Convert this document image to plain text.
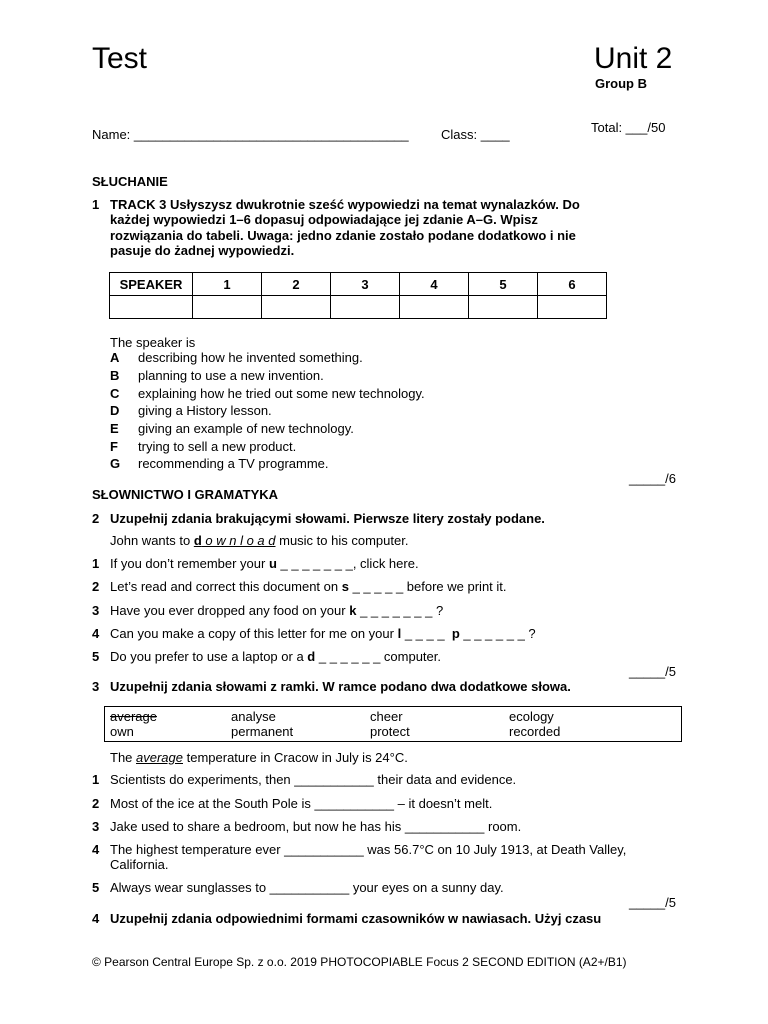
Test	Unit 2
Group B
Name: ______________________________________ Class: ____	Total: ___/50
SŁUCHANIE
1 TRACK 3 Usłyszysz dwukrotnie sześć wypowiedzi na temat wynalazków. Do
każdej wypowiedzi 1–6 dopasuj odpowiadające jej zdanie A–G. Wpisz
rozwiązania do tabeli. Uwaga: jedno zdanie zostało podane dodatkowo i nie
pasuje do żadnej wypowiedzi.
SPEAKER	1	2	3	4	5	6

The speaker is
A describing how he invented something.
B planning to use a new invention.
C explaining how he tried out some new technology.
D giving a History lesson.
E giving an example of new technology.
F trying to sell a new product.
G recommending a TV programme.
_____/6
SŁOWNICTWO I GRAMATYKA
2 Uzupełnij zdania brakującymi słowami. Pierwsze litery zostały podane.
John wants to d o w n l o a d music to his computer.
1 If you don’t remember your u _ _ _ _ _ _ _, click here.
2 Let’s read and correct this document on s _ _ _ _ _ before we print it.
3 Have you ever dropped any food on your k _ _ _ _ _ _ _ ?
4 Can you make a copy of this letter for me on your l _ _ _ _  p _ _ _ _ _ _ ?
5 Do you prefer to use a laptop or a d _ _ _ _ _ _ computer.
_____/5
3 Uzupełnij zdania słowami z ramki. W ramce podano dwa dodatkowe słowa.
average	analyse	cheer	ecology
own	permanent	protect	recorded
The average temperature in Cracow in July is 24°C.
1 Scientists do experiments, then ___________ their data and evidence.
2 Most of the ice at the South Pole is ___________ – it doesn’t melt.
3 Jake used to share a bedroom, but now he has his ___________ room.
4 The highest temperature ever ___________ was 56.7°C on 10 July 1913, at Death Valley,
California.
5 Always wear sunglasses to ___________ your eyes on a sunny day.
_____/5
4 Uzupełnij zdania odpowiednimi formami czasowników w nawiasach. Użyj czasu
© Pearson Central Europe Sp. z o.o. 2019 PHOTOCOPIABLE Focus 2 SECOND EDITION (A2+/B1)
